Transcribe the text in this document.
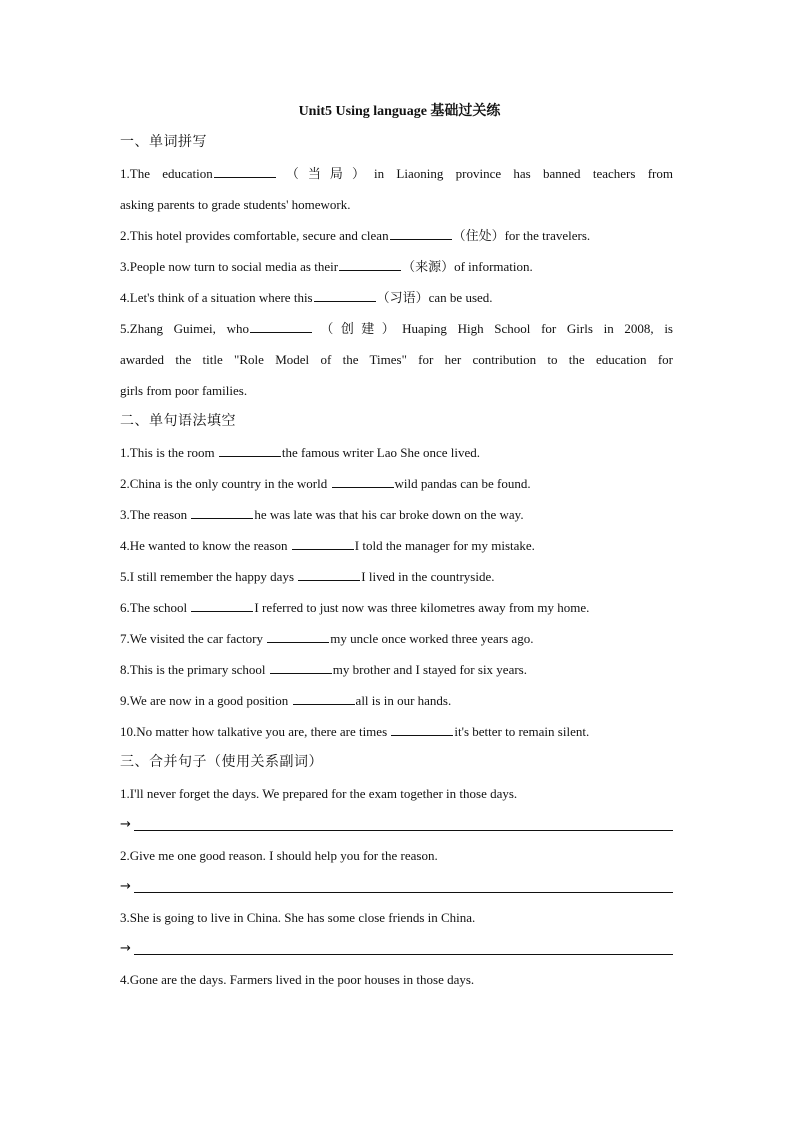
Unit5 Using language 基础过关练
一、单词拼写
1.The education	（当局）in Liaoning province has banned teachers from
asking parents to grade students' homework.
2.This hotel provides comfortable, secure and clean	（住处）for the travelers.
3.People now turn to social media as their	（来源）of information.
4.Let's think of a situation where this	（习语）can be used.
5.Zhang Guimei, who	（创建）Huaping High School for Girls in 2008, is
awarded the title "Role Model of the Times" for her contribution to the education for
girls from poor families.
二、单句语法填空
1.This is the room	the famous writer Lao She once lived.
2.China is the only country in the world	wild pandas can be found.
3.The reason	he was late was that his car broke down on the way.
4.He wanted to know the reason	I told the manager for my mistake.
5.I still remember the happy days	I lived in the countryside.
6.The school	I referred to just now was three kilometres away from my home.
7.We visited the car factory	my uncle once worked three years ago.
8.This is the primary school	my brother and I stayed for six years.
9.We are now in a good position	all is in our hands.
10.No matter how talkative you are, there are times	it's better to remain silent.
三、合并句子（使用关系副词）
1.I'll never forget the days. We prepared for the exam together in those days.
→
2.Give me one good reason. I should help you for the reason.
→
3.She is going to live in China. She has some close friends in China.
→
4.Gone are the days. Farmers lived in the poor houses in those days.
